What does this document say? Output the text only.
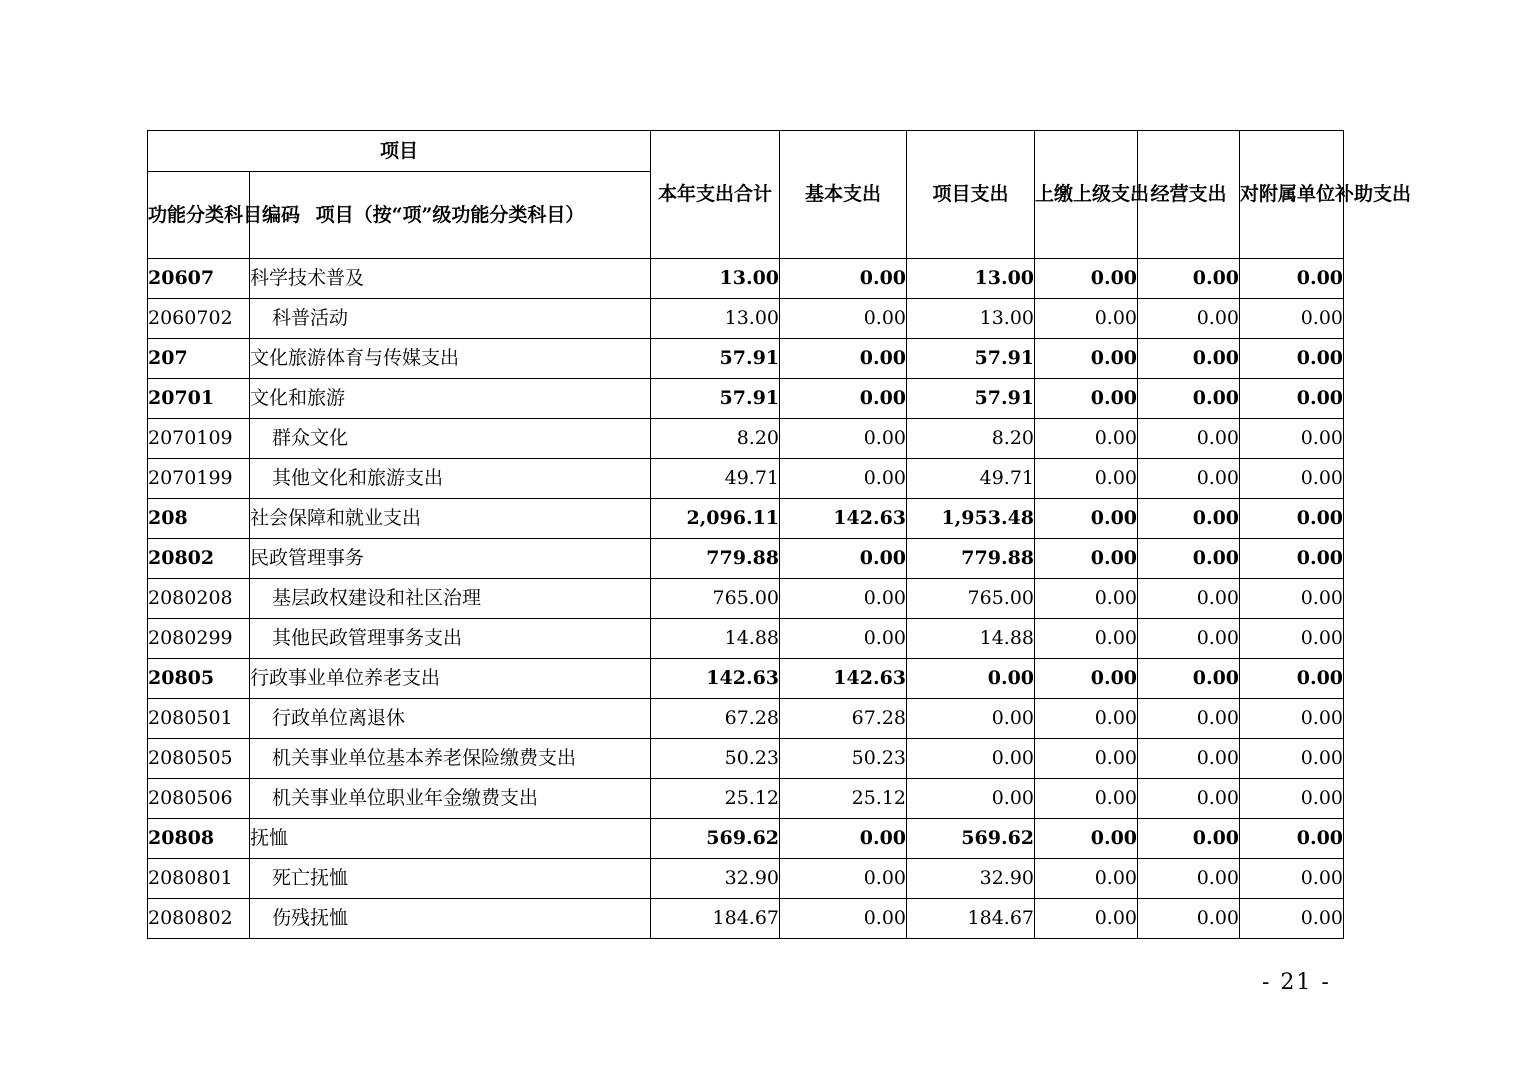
项目		本年支出合计	基本支出	项目支出	上缴上级支出	经营支出	对附属单位补助支出
功能分类科目编码	项目（按“项”级功能分类科目）						
20607	科学技术普及	13.00	0.00	13.00	0.00	0.00	0.00
2060702	科普活动	13.00	0.00	13.00	0.00	0.00	0.00
207	文化旅游体育与传媒支出	57.91	0.00	57.91	0.00	0.00	0.00
20701	文化和旅游	57.91	0.00	57.91	0.00	0.00	0.00
2070109	群众文化	8.20	0.00	8.20	0.00	0.00	0.00
2070199	其他文化和旅游支出	49.71	0.00	49.71	0.00	0.00	0.00
208	社会保障和就业支出	2,096.11	142.63	1,953.48	0.00	0.00	0.00
20802	民政管理事务	779.88	0.00	779.88	0.00	0.00	0.00
2080208	基层政权建设和社区治理	765.00	0.00	765.00	0.00	0.00	0.00
2080299	其他民政管理事务支出	14.88	0.00	14.88	0.00	0.00	0.00
20805	行政事业单位养老支出	142.63	142.63	0.00	0.00	0.00	0.00
2080501	行政单位离退休	67.28	67.28	0.00	0.00	0.00	0.00
2080505	机关事业单位基本养老保险缴费支出	50.23	50.23	0.00	0.00	0.00	0.00
2080506	机关事业单位职业年金缴费支出	25.12	25.12	0.00	0.00	0.00	0.00
20808	抚恤	569.62	0.00	569.62	0.00	0.00	0.00
2080801	死亡抚恤	32.90	0.00	32.90	0.00	0.00	0.00
2080802	伤残抚恤	184.67	0.00	184.67	0.00	0.00	0.00
- 21 -
